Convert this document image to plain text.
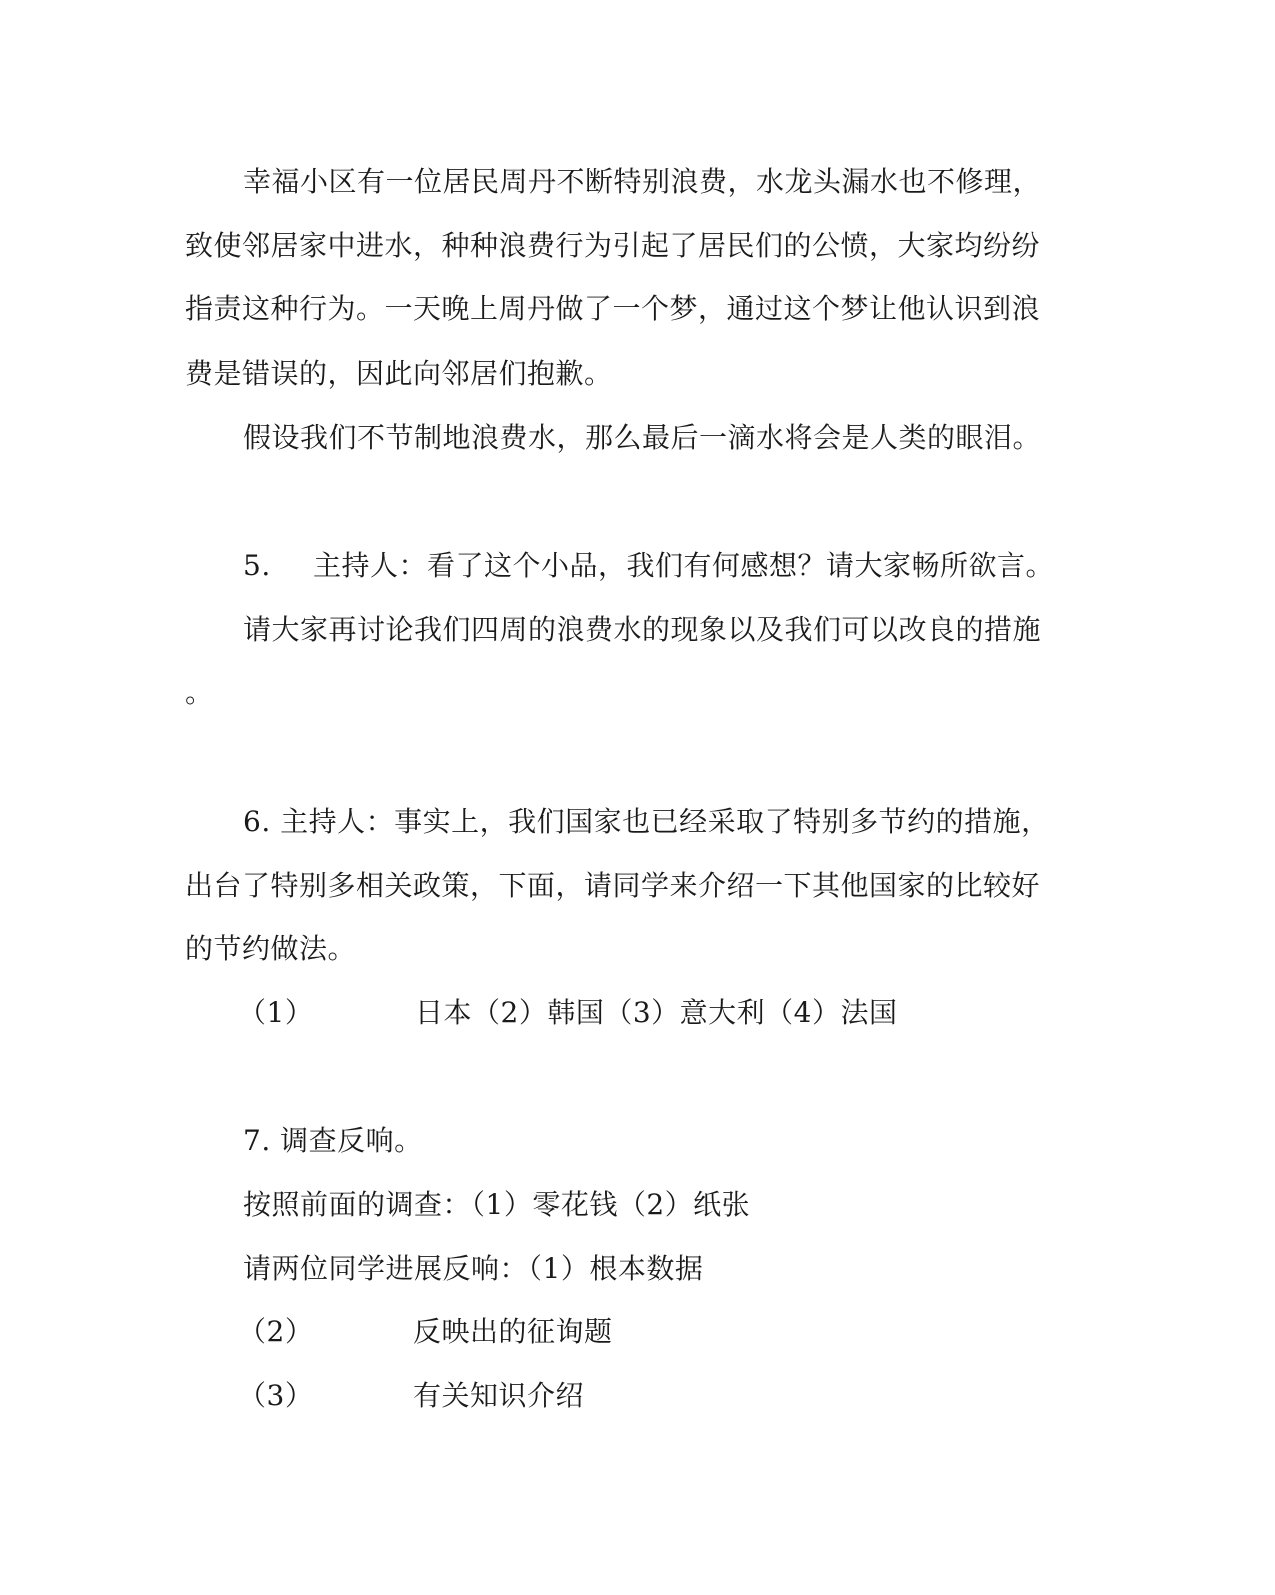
幸福小区有一位居民周丹不断特别浪费，水龙头漏水也不修理，
致使邻居家中进水，种种浪费行为引起了居民们的公愤，大家均纷纷
指责这种行为。一天晚上周丹做了一个梦，通过这个梦让他认识到浪
费是错误的，因此向邻居们抱歉。
假设我们不节制地浪费水，那么最后一滴水将会是人类的眼泪。
5. 主持人：看了这个小品，我们有何感想？请大家畅所欲言。
请大家再讨论我们四周的浪费水的现象以及我们可以改良的措施
。
6. 主持人：事实上，我们国家也已经采取了特别多节约的措施，
出台了特别多相关政策，下面，请同学来介绍一下其他国家的比较好
的节约做法。
（1）	日本（2）韩国（3）意大利（4）法国
7. 调查反响。
按照前面的调查：（1）零花钱（2）纸张
请两位同学进展反响：（1）根本数据
（2）	反映出的征询题
（3）	有关知识介绍
